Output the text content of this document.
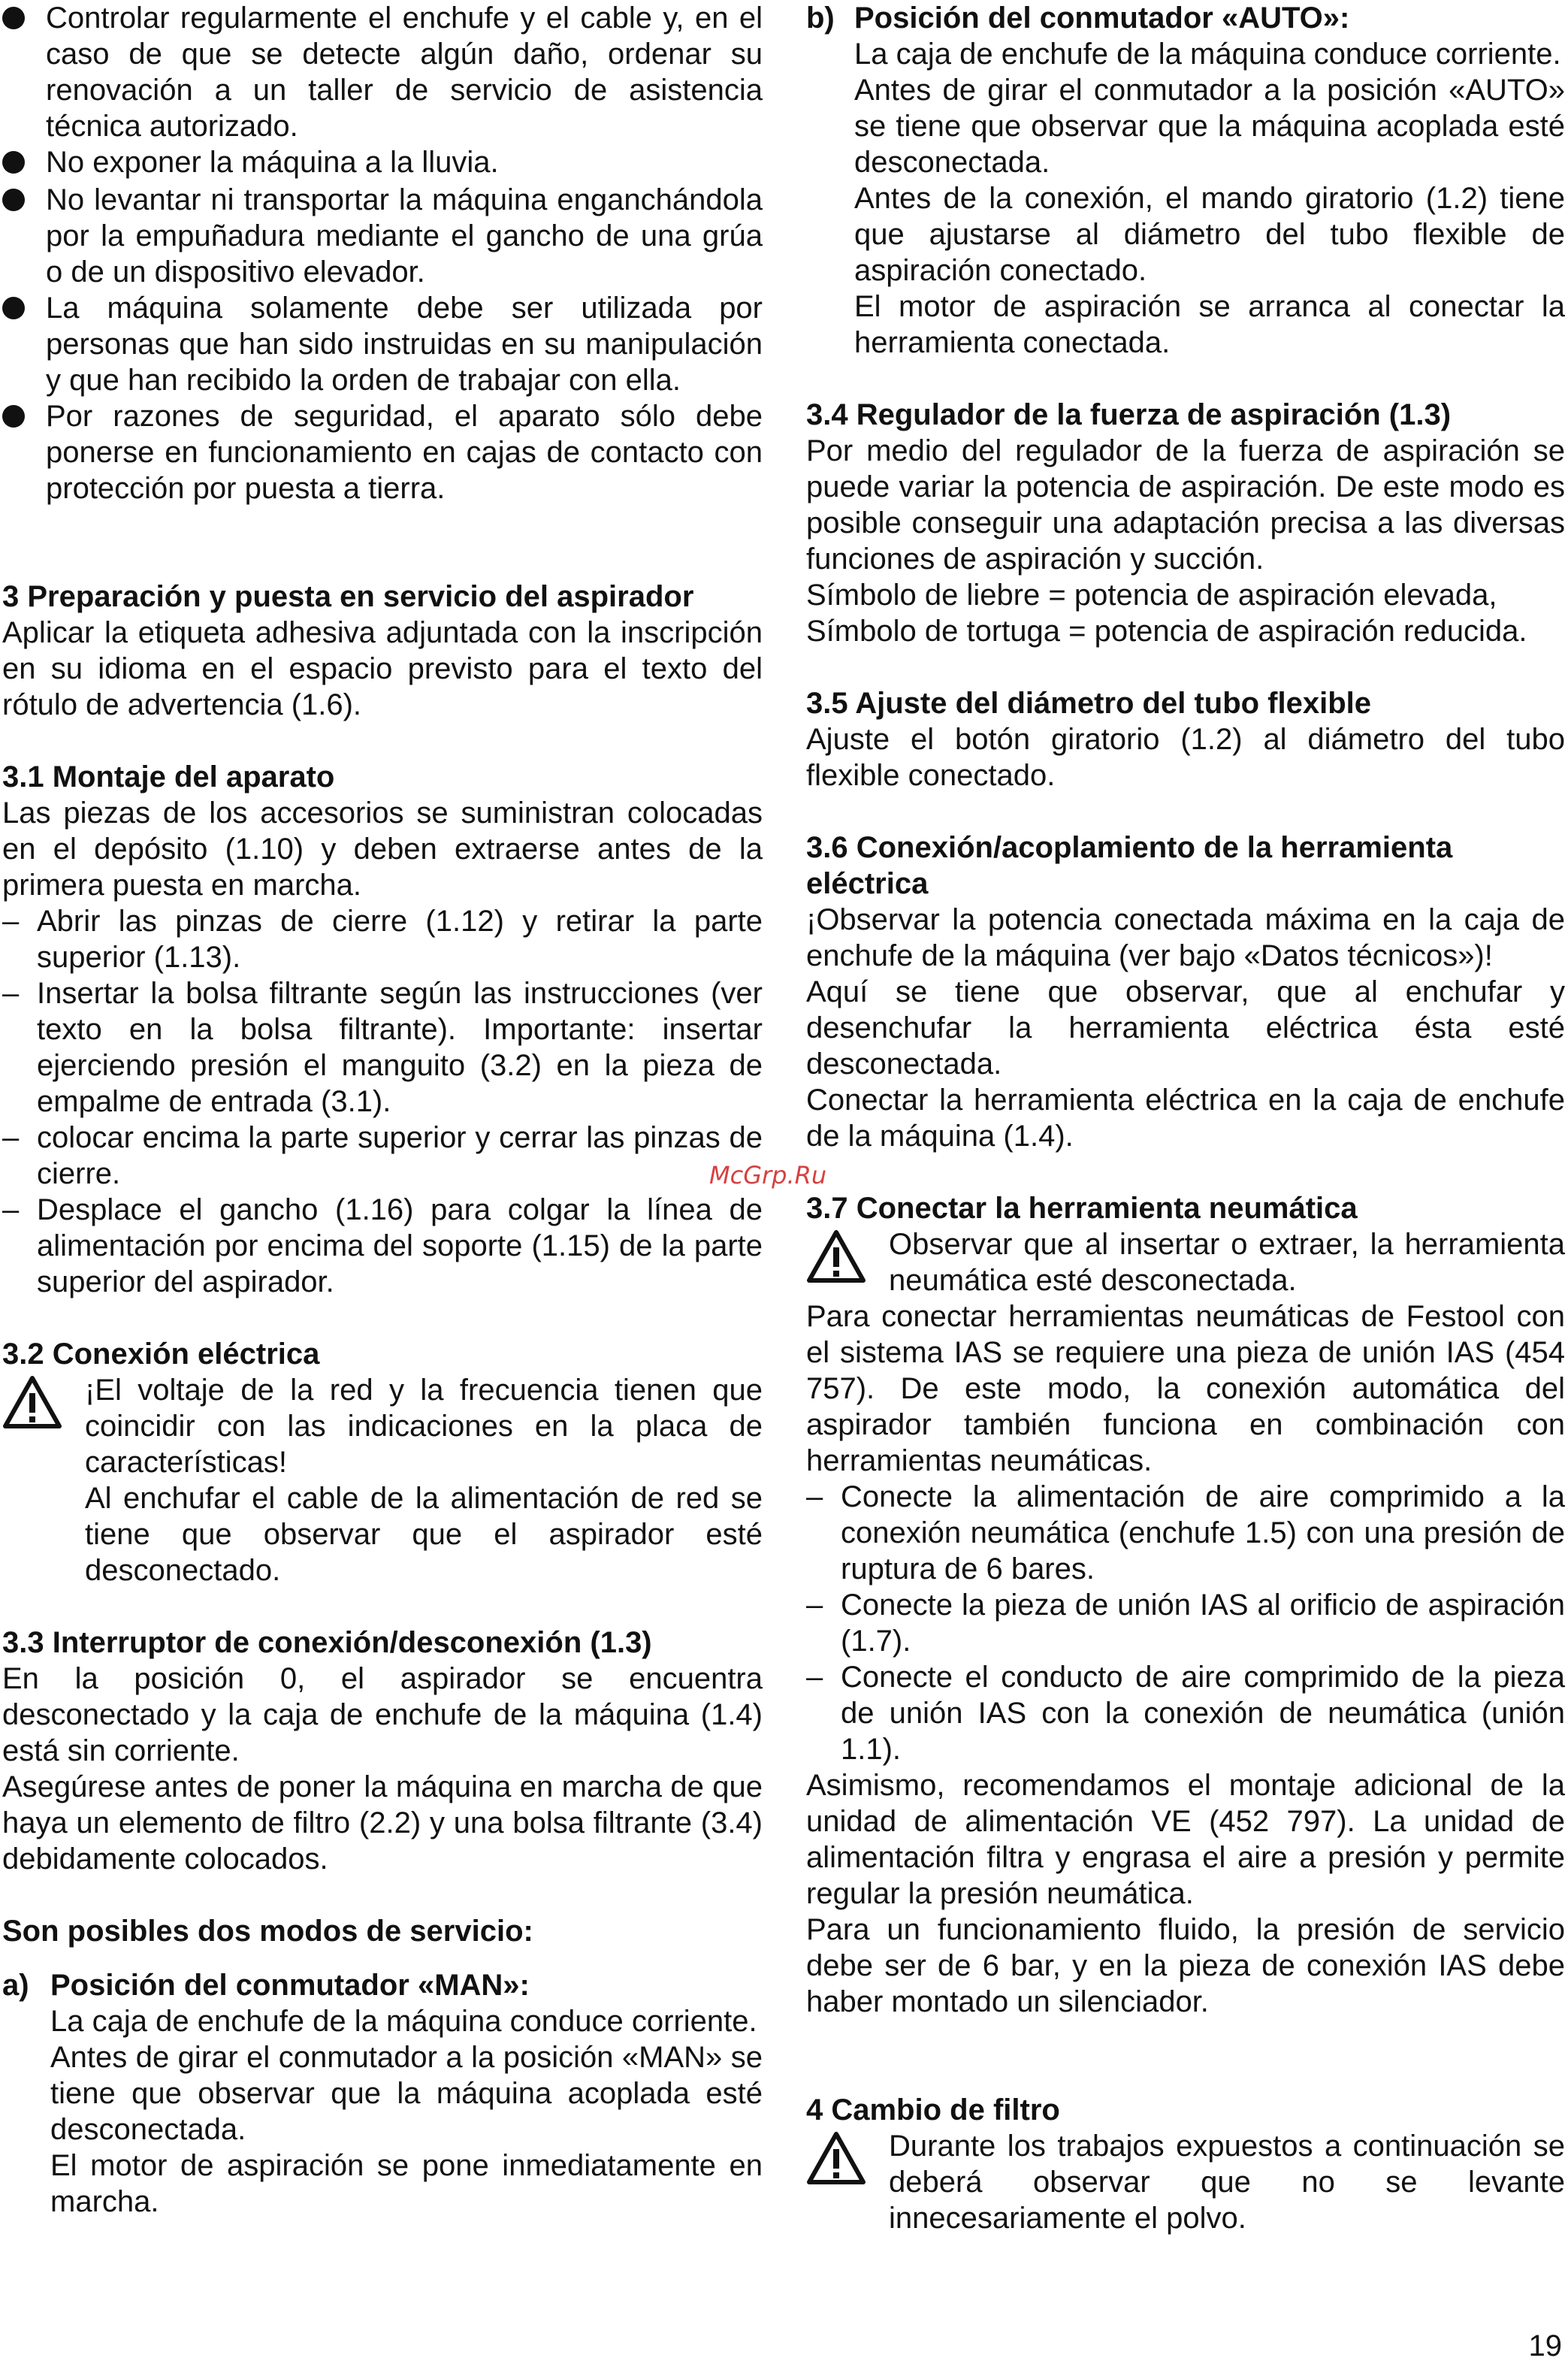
Controlar regularmente el enchufe y el cable y, en el caso de que se detecte algún daño, ordenar su renovación a un taller de servicio de asistencia técnica autorizado.

No exponer la máquina a la lluvia.

No levantar ni transportar la máquina enganchándola por la empuñadura mediante el gancho de una grúa o de un dispositivo elevador.

La máquina solamente debe ser utilizada por personas que han sido instruidas en su manipulación y que han recibido la orden de trabajar con ella.

Por razones de seguridad, el aparato sólo debe ponerse en funcionamiento en cajas de contacto con protección por puesta a tierra.

3 Preparación y puesta en servicio del aspirador

Aplicar la etiqueta adhesiva adjuntada con la inscripción en su idioma en el espacio previsto para el texto del rótulo de advertencia (1.6).

3.1 Montaje del aparato

Las piezas de los accesorios se suministran colocadas en el depósito (1.10) y deben extraerse antes de la primera puesta en marcha.

– Abrir las pinzas de cierre (1.12) y retirar la parte superior (1.13).

– Insertar la bolsa filtrante según las instrucciones (ver texto en la bolsa filtrante). Importante: insertar ejerciendo presión el manguito (3.2) en la pieza de empalme de entrada (3.1).

– colocar encima la parte superior y cerrar las pinzas de cierre.

– Desplace el gancho (1.16) para colgar la línea de alimentación por encima del soporte (1.15) de la parte superior del aspirador.

3.2 Conexión eléctrica

¡El voltaje de la red y la frecuencia tienen que coincidir con las indicaciones en la placa de características!

Al enchufar el cable de la alimentación de red se tiene que observar que el aspirador esté desconectado.

3.3 Interruptor de conexión/desconexión (1.3)

En la posición 0, el aspirador se encuentra desconectado y la caja de enchufe de la máquina (1.4) está sin corriente.

Asegúrese antes de poner la máquina en marcha de que haya un elemento de filtro (2.2) y una bolsa filtrante (3.4) debidamente colocados.

Son posibles dos modos de servicio:

a) Posición del conmutador «MAN»:

La caja de enchufe de la máquina conduce corriente.

Antes de girar el conmutador a la posición «MAN» se tiene que observar que la máquina acoplada esté desconectada.

El motor de aspiración se pone inmediatamente en marcha.

b) Posición del conmutador «AUTO»:

La caja de enchufe de la máquina conduce corriente.

Antes de girar el conmutador a la posición «AUTO» se tiene que observar que la máquina acoplada esté desconectada.

Antes de la conexión, el mando giratorio (1.2) tiene que ajustarse al diámetro del tubo flexible de aspiración conectado.

El motor de aspiración se arranca al conectar la herramienta conectada.

3.4 Regulador de la fuerza de aspiración (1.3)

Por medio del regulador de la fuerza de aspiración se puede variar la potencia de aspiración. De este modo es posible conseguir una adaptación precisa a las diversas funciones de aspiración y succión.

Símbolo de liebre = potencia de aspiración elevada,

Símbolo de tortuga = potencia de aspiración reducida.

3.5 Ajuste del diámetro del tubo flexible

Ajuste el botón giratorio (1.2) al diámetro del tubo flexible conectado.

3.6 Conexión/acoplamiento de la herramienta eléctrica

¡Observar la potencia conectada máxima en la caja de enchufe de la máquina (ver bajo «Datos técnicos»)!

Aquí se tiene que observar, que al enchufar y desenchufar la herramienta eléctrica ésta esté desconectada.

Conectar la herramienta eléctrica en la caja de enchufe de la máquina (1.4).

3.7 Conectar la herramienta neumática

Observar que al insertar o extraer, la herramienta neumática esté desconectada.

Para conectar herramientas neumáticas de Festool con el sistema IAS se requiere una pieza de unión IAS (454 757). De este modo, la conexión automática del aspirador también funciona en combinación con herramientas neumáticas.

– Conecte la alimentación de aire comprimido a la conexión neumática (enchufe 1.5) con una presión de ruptura de 6 bares.

– Conecte la pieza de unión IAS al orificio de aspiración (1.7).

– Conecte el conducto de aire comprimido de la pieza de unión IAS con la conexión de neumática (unión 1.1).

Asimismo, recomendamos el montaje adicional de la unidad de alimentación VE (452 797). La unidad de alimentación filtra y engrasa el aire a presión y permite regular la presión neumática.

Para un funcionamiento fluido, la presión de servicio debe ser de 6 bar, y en la pieza de conexión IAS debe haber montado un silenciador.

4 Cambio de filtro

Durante los trabajos expuestos a continuación se deberá observar que no se levante innecesariamente el polvo.

McGrp.Ru
19
